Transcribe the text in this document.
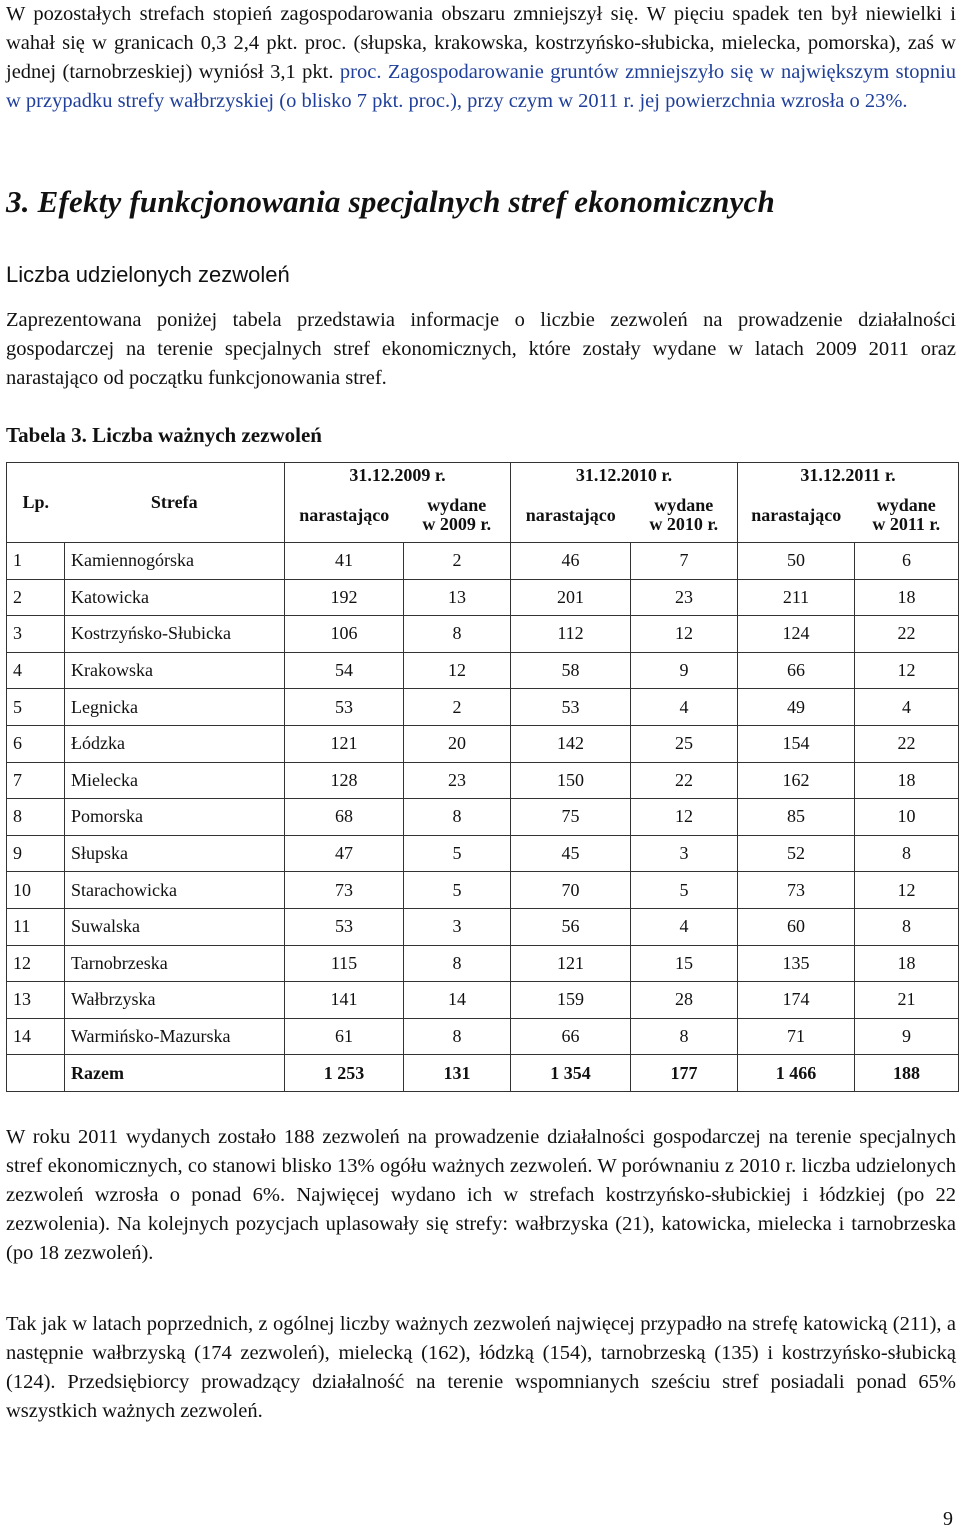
W pozostałych strefach stopień zagospodarowania obszaru zmniejszył się. W pięciu spadek ten był niewielki i wahał się w granicach 0,3 2,4 pkt. proc. (słupska, krakowska, kostrzyńsko-słubicka, mielecka, pomorska), zaś w jednej (tarnobrzeskiej) wyniósł 3,1 pkt. proc. Zagospodarowanie gruntów zmniejszyło się w największym stopniu w przypadku strefy wałbrzyskiej (o blisko 7 pkt. proc.), przy czym w 2011 r. jej powierzchnia wzrosła o 23%.

3. Efekty funkcjonowania specjalnych stref ekonomicznych
Liczba udzielonych zezwoleń

Zaprezentowana poniżej tabela przedstawia informacje o liczbie zezwoleń na prowadzenie działalności gospodarczej na terenie specjalnych stref ekonomicznych, które zostały wydane w latach 2009 2011 oraz narastająco od początku funkcjonowania stref.

Tabela 3. Liczba ważnych zezwoleń
Lp.	Strefa	31.12.2009 r.		31.12.2010 r.		31.12.2011 r.	
		narastająco	wydane
w 2009 r.	narastająco	wydane
w 2010 r.	narastająco	wydane
w 2011 r.
1	Kamiennogórska	41	2	46	7	50	6
2	Katowicka	192	13	201	23	211	18
3	Kostrzyńsko-Słubicka	106	8	112	12	124	22
4	Krakowska	54	12	58	9	66	12
5	Legnicka	53	2	53	4	49	4
6	Łódzka	121	20	142	25	154	22
7	Mielecka	128	23	150	22	162	18
8	Pomorska	68	8	75	12	85	10
9	Słupska	47	5	45	3	52	8
10	Starachowicka	73	5	70	5	73	12
11	Suwalska	53	3	56	4	60	8
12	Tarnobrzeska	115	8	121	15	135	18
13	Wałbrzyska	141	14	159	28	174	21
14	Warmińsko-Mazurska	61	8	66	8	71	9
	Razem	1 253	131	1 354	177	1 466	188

W roku 2011 wydanych zostało 188 zezwoleń na prowadzenie działalności gospodarczej na terenie specjalnych stref ekonomicznych, co stanowi blisko 13% ogółu ważnych zezwoleń. W porównaniu z 2010 r. liczba udzielonych zezwoleń wzrosła o ponad 6%. Najwięcej wydano ich w strefach kostrzyńsko-słubickiej i łódzkiej (po 22 zezwolenia). Na kolejnych pozycjach uplasowały się strefy: wałbrzyska (21), katowicka, mielecka i tarnobrzeska (po 18 zezwoleń).

Tak jak w latach poprzednich, z ogólnej liczby ważnych zezwoleń najwięcej przypadło na strefę katowicką (211), a następnie wałbrzyską (174 zezwoleń), mielecką (162), łódzką (154), tarnobrzeską (135) i kostrzyńsko-słubicką (124). Przedsiębiorcy prowadzący działalność na terenie wspomnianych sześciu stref posiadali ponad 65% wszystkich ważnych zezwoleń.

9
